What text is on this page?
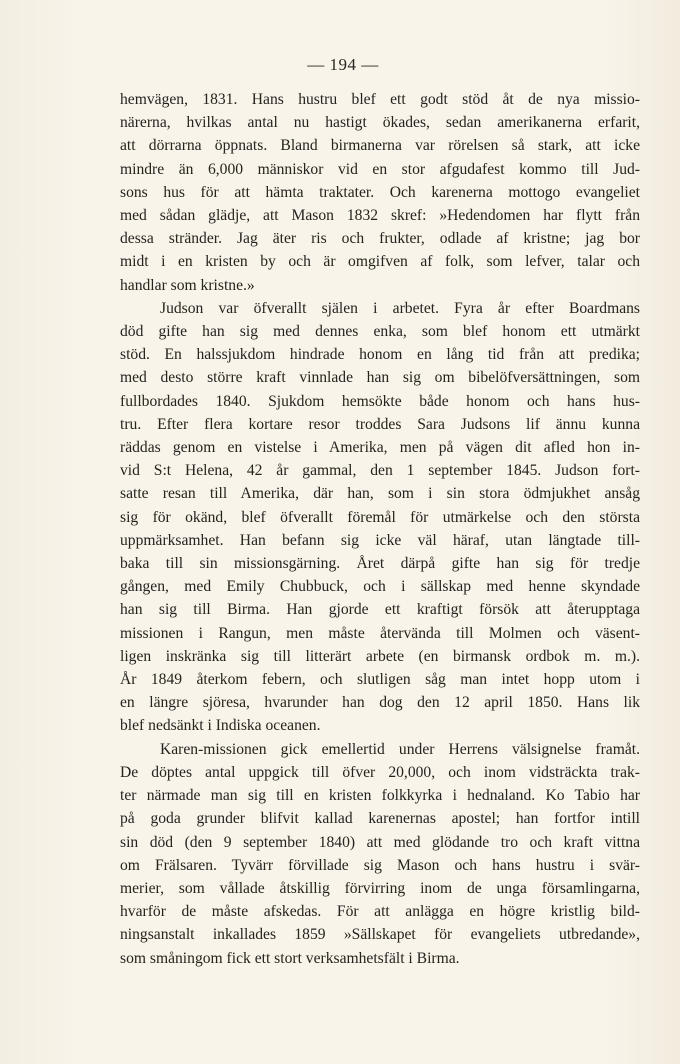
— 194 —
hemvägen, 1831. Hans hustru blef ett godt stöd åt de nya missio-
närerna, hvilkas antal nu hastigt ökades, sedan amerikanerna erfarit,
att dörrarna öppnats. Bland birmanerna var rörelsen så stark, att icke
mindre än 6,000 människor vid en stor afgudafest kommo till Jud-
sons hus för att hämta traktater. Och karenerna mottogo evangeliet
med sådan glädje, att Mason 1832 skref: »Hedendomen har flytt från
dessa stränder. Jag äter ris och frukter, odlade af kristne; jag bor
midt i en kristen by och är omgifven af folk, som lefver, talar och
handlar som kristne.»
Judson var öfverallt själen i arbetet. Fyra år efter Boardmans
död gifte han sig med dennes enka, som blef honom ett utmärkt
stöd. En halssjukdom hindrade honom en lång tid från att predika;
med desto större kraft vinnlade han sig om bibelöfversättningen, som
fullbordades 1840. Sjukdom hemsökte både honom och hans hus-
tru. Efter flera kortare resor troddes Sara Judsons lif ännu kunna
räddas genom en vistelse i Amerika, men på vägen dit afled hon in-
vid S:t Helena, 42 år gammal, den 1 september 1845. Judson fort-
satte resan till Amerika, där han, som i sin stora ödmjukhet ansåg
sig för okänd, blef öfverallt föremål för utmärkelse och den största
uppmärksamhet. Han befann sig icke väl häraf, utan längtade till-
baka till sin missionsgärning. Året därpå gifte han sig för tredje
gången, med Emily Chubbuck, och i sällskap med henne skyndade
han sig till Birma. Han gjorde ett kraftigt försök att återupptaga
missionen i Rangun, men måste återvända till Molmen och väsent-
ligen inskränka sig till litterärt arbete (en birmansk ordbok m. m.).
År 1849 återkom febern, och slutligen såg man intet hopp utom i
en längre sjöresa, hvarunder han dog den 12 april 1850. Hans lik
blef nedsänkt i Indiska oceanen.
Karen-missionen gick emellertid under Herrens välsignelse framåt.
De döptes antal uppgick till öfver 20,000, och inom vidsträckta trak-
ter närmade man sig till en kristen folkkyrka i hednaland. Ko Tabio har
på goda grunder blifvit kallad karenernas apostel; han fortfor intill
sin död (den 9 september 1840) att med glödande tro och kraft vittna
om Frälsaren. Tyvärr förvillade sig Mason och hans hustru i svär-
merier, som vållade åtskillig förvirring inom de unga församlingarna,
hvarför de måste afskedas. För att anlägga en högre kristlig bild-
ningsanstalt inkallades 1859 »Sällskapet för evangeliets utbredande»,
som småningom fick ett stort verksamhetsfält i Birma.
